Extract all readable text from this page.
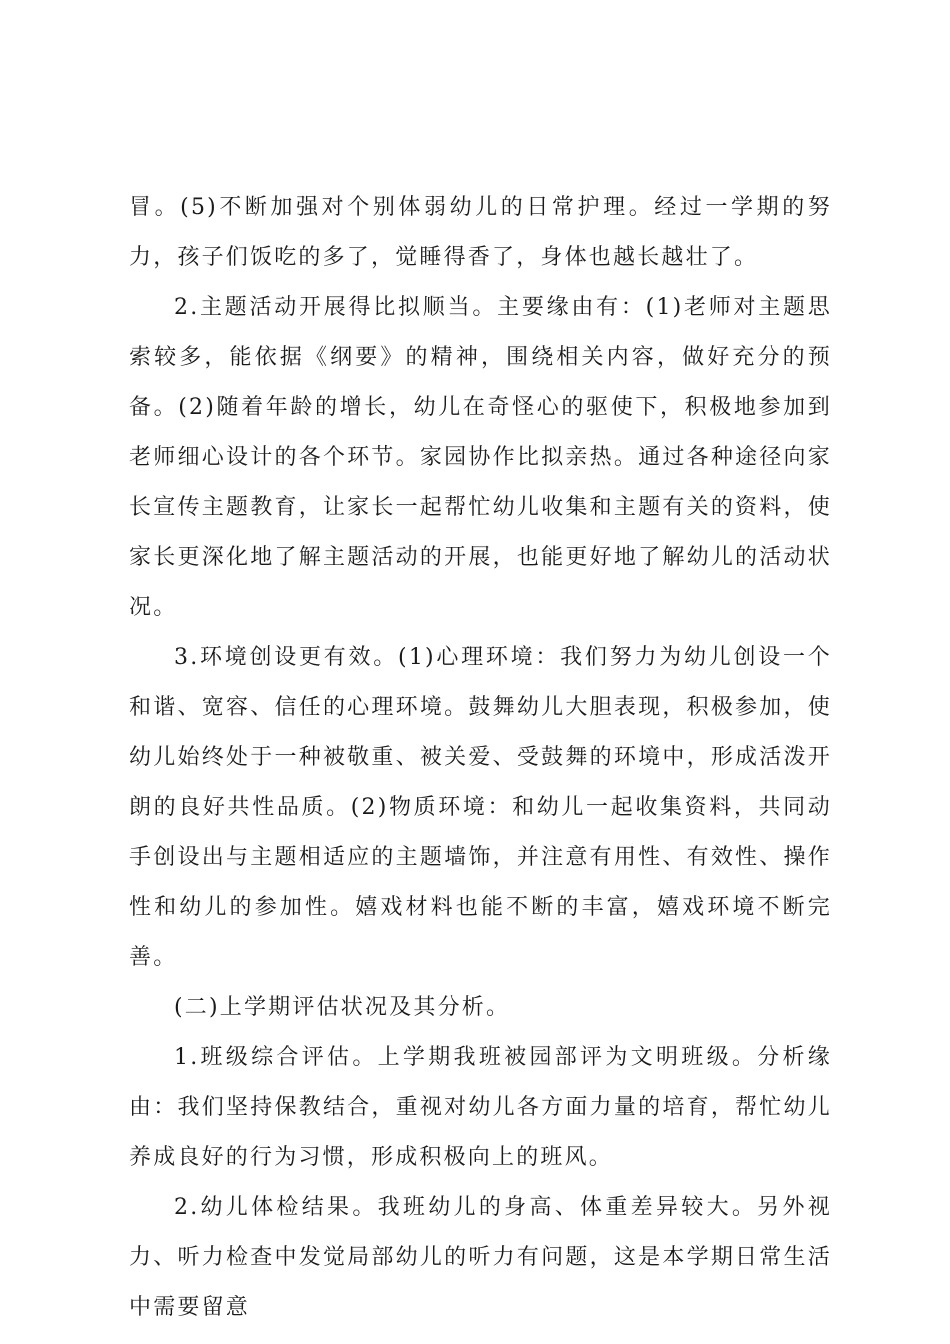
冒。(5)不断加强对个别体弱幼儿的日常护理。经过一学期的努力，孩子们饭吃的多了，觉睡得香了，身体也越长越壮了。

2.主题活动开展得比拟顺当。主要缘由有：(1)老师对主题思索较多，能依据《纲要》的精神，围绕相关内容，做好充分的预备。(2)随着年龄的增长，幼儿在奇怪心的驱使下，积极地参加到老师细心设计的各个环节。家园协作比拟亲热。通过各种途径向家长宣传主题教育，让家长一起帮忙幼儿收集和主题有关的资料，使家长更深化地了解主题活动的开展，也能更好地了解幼儿的活动状况。

3.环境创设更有效。(1)心理环境：我们努力为幼儿创设一个和谐、宽容、信任的心理环境。鼓舞幼儿大胆表现，积极参加，使幼儿始终处于一种被敬重、被关爱、受鼓舞的环境中，形成活泼开朗的良好共性品质。(2)物质环境：和幼儿一起收集资料，共同动手创设出与主题相适应的主题墙饰，并注意有用性、有效性、操作性和幼儿的参加性。嬉戏材料也能不断的丰富，嬉戏环境不断完善。

(二)上学期评估状况及其分析。

1.班级综合评估。上学期我班被园部评为文明班级。分析缘由：我们坚持保教结合，重视对幼儿各方面力量的培育，帮忙幼儿养成良好的行为习惯，形成积极向上的班风。

2.幼儿体检结果。我班幼儿的身高、体重差异较大。另外视力、听力检查中发觉局部幼儿的听力有问题，这是本学期日常生活中需要留意
